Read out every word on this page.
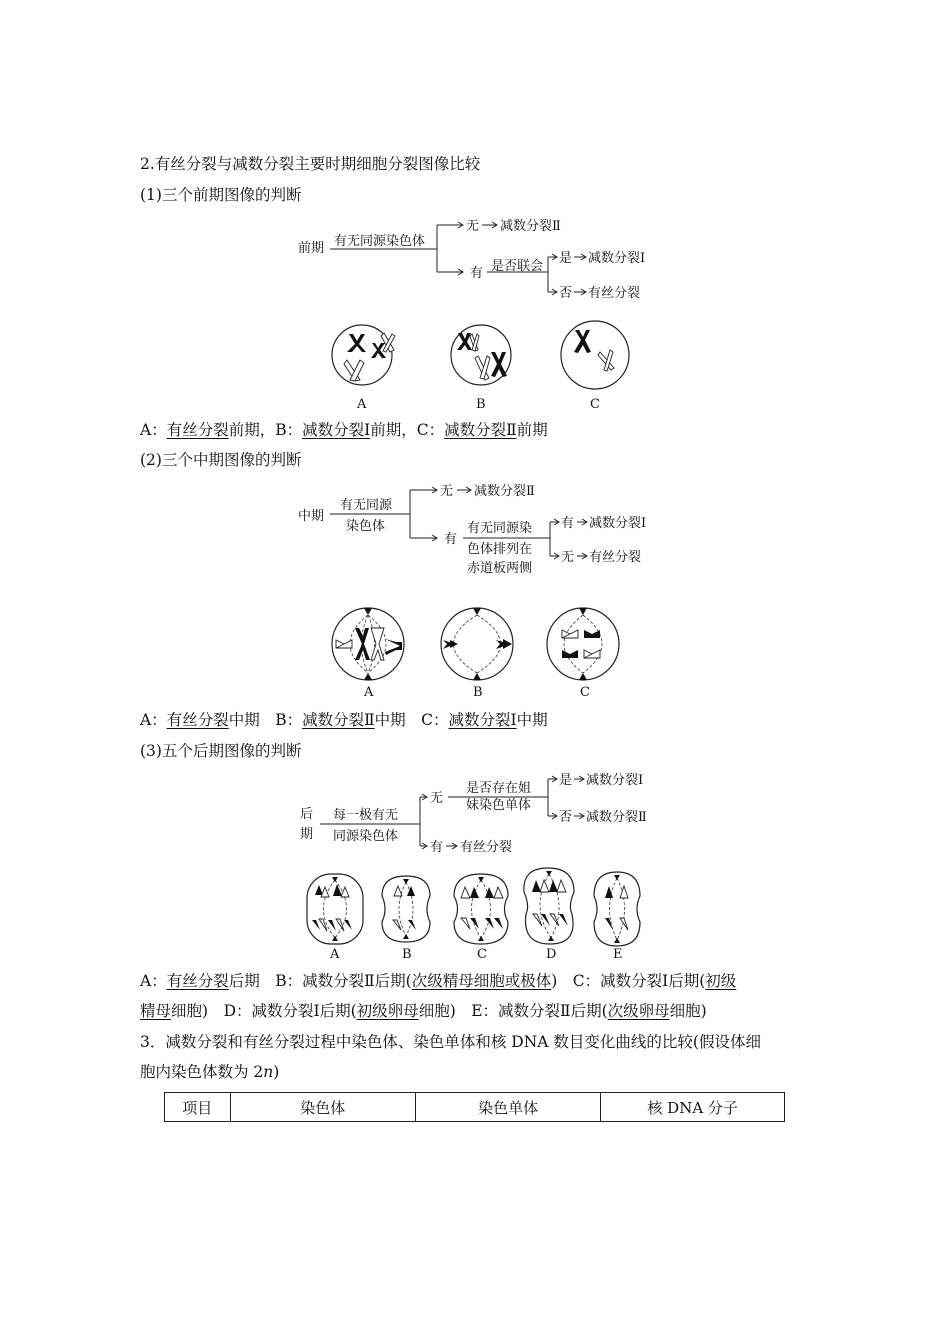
2.有丝分裂与减数分裂主要时期细胞分裂图像比较
(1)三个前期图像的判断
前期 有无同源染色体
无 减数分裂Ⅱ
有 是否联会
是 减数分裂Ⅰ
否 有丝分裂
A	B	C
中期
有无同源
染色体
无 减数分裂Ⅱ
有
有无同源染
色体排列在
赤道板两侧
有 减数分裂Ⅰ
无 有丝分裂
A	B	C
后
期
每一极有无
同源染色体
无
是否存在姐
妹染色单体
是 减数分裂Ⅰ
否 减数分裂Ⅱ
有 有丝分裂
A	B	C	D	E
A：有丝分裂前期，B：减数分裂Ⅰ前期，C：减数分裂Ⅱ前期
(2)三个中期图像的判断
A：有丝分裂中期　B：减数分裂Ⅱ中期　C：减数分裂Ⅰ中期
(3)五个后期图像的判断
A：有丝分裂后期　B：减数分裂Ⅱ后期(次级精母细胞或极体)　C：减数分裂Ⅰ后期(初级
精母细胞)　D：减数分裂Ⅰ后期(初级卵母细胞)　E：减数分裂Ⅱ后期(次级卵母细胞)
3．减数分裂和有丝分裂过程中染色体、染色单体和核 DNA 数目变化曲线的比较(假设体细
胞内染色体数为 2n)
项目	染色体	染色单体	核 DNA 分子
